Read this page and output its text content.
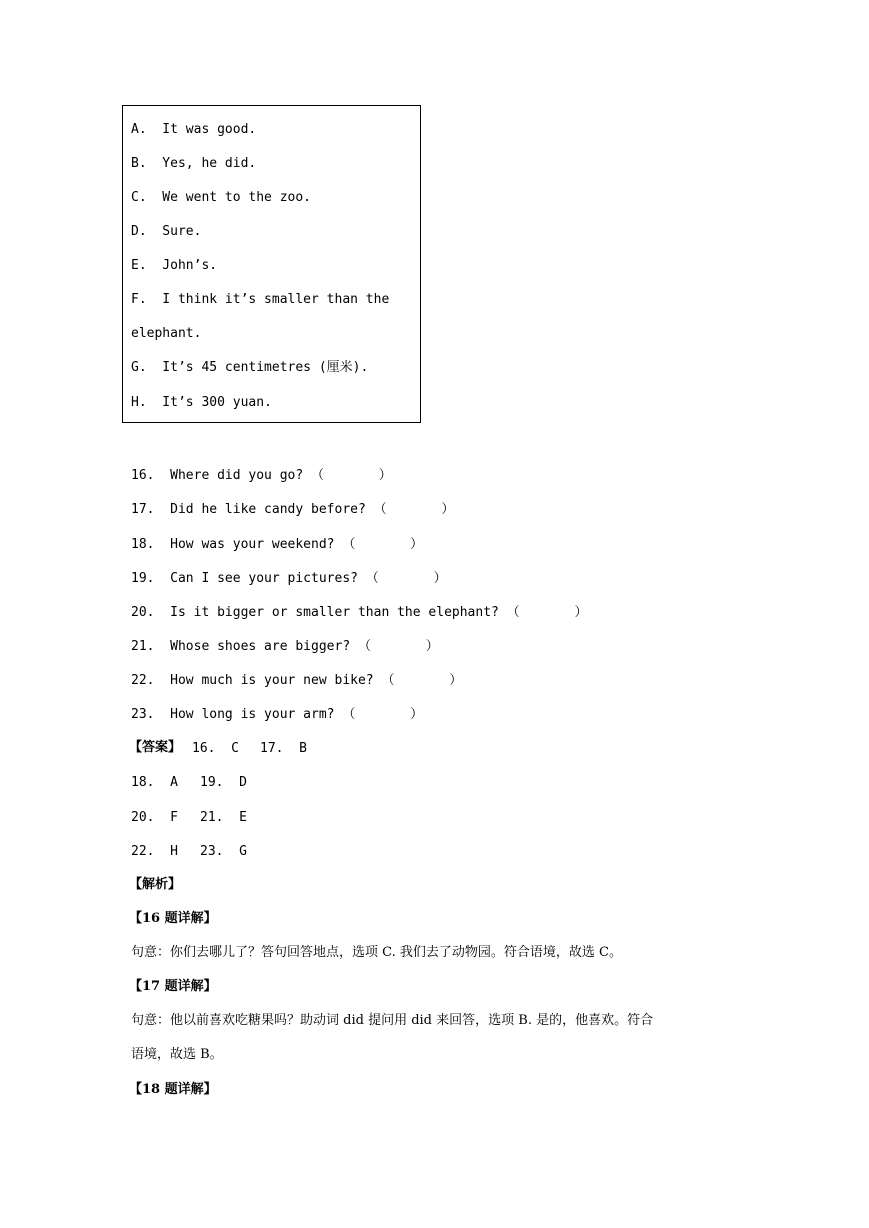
A.  It was good.
B.  Yes, he did.
C.  We went to the zoo.
D.  Sure.
E.  John’s.
F.  I think it’s smaller than the
elephant.
G.  It’s 45 centimetres (厘米).
H.  It’s 300 yuan.
16.  Where did you go? （       ）
17.  Did he like candy before? （       ）
18.  How was your weekend? （       ）
19.  Can I see your pictures? （       ）
20.  Is it bigger or smaller than the elephant? （       ）
21.  Whose shoes are bigger? （       ）
22.  How much is your new bike? （       ）
23.  How long is your arm? （       ）
【答案】 16.  C 17.  B
18.  A 19.  D
20.  F 21.  E
22.  H 23.  G
【解析】
【16 题详解】
句意：你们去哪儿了？答句回答地点，选项 C. 我们去了动物园。符合语境，故选 C。
【17 题详解】
句意：他以前喜欢吃糖果吗？助动词 did 提问用 did 来回答，选项 B. 是的，他喜欢。符合
语境，故选 B。
【18 题详解】
